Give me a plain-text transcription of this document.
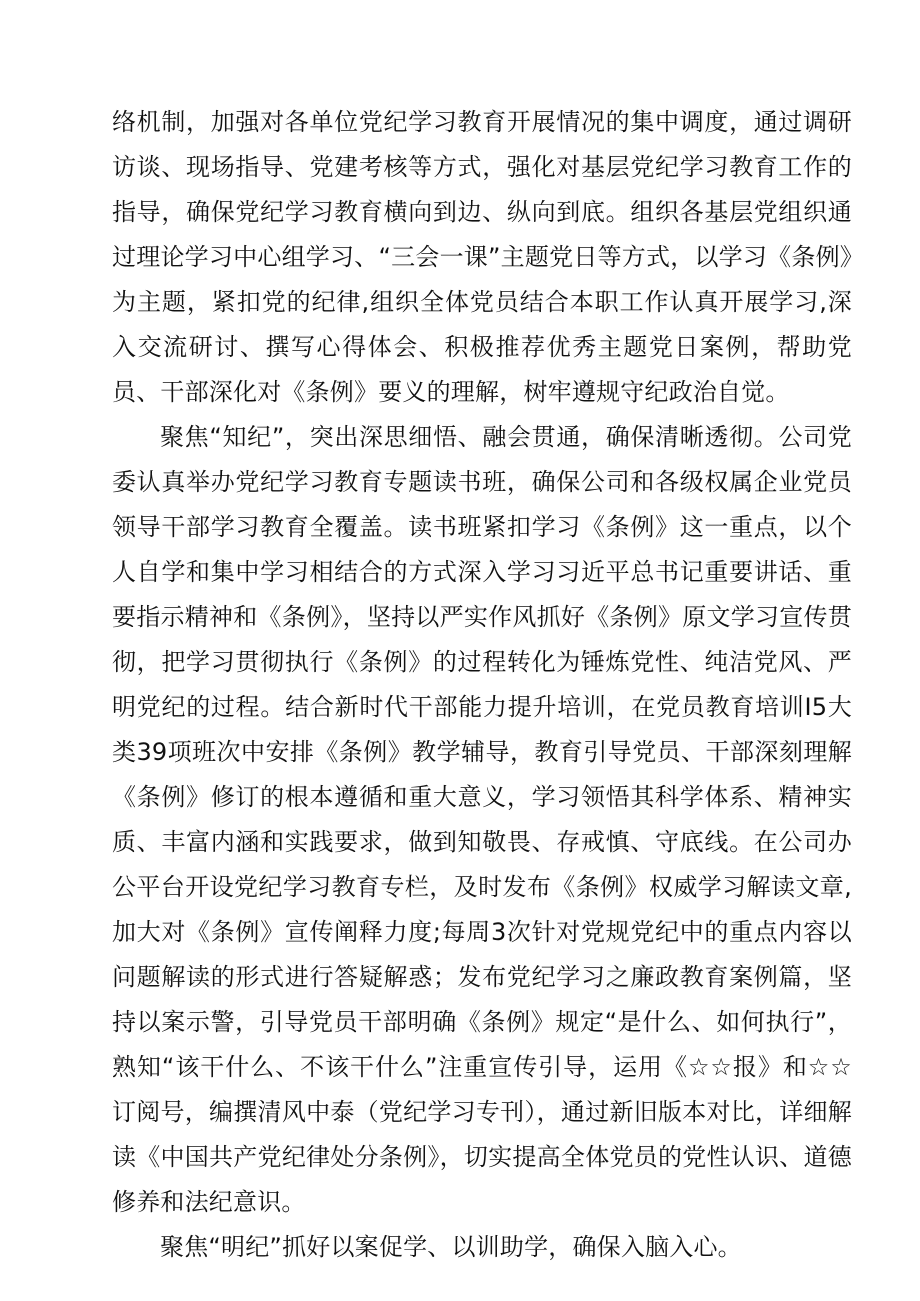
络机制，加强对各单位党纪学习教育开展情况的集中调度，通过调研访谈、现场指导、党建考核等方式，强化对基层党纪学习教育工作的指导，确保党纪学习教育横向到边、纵向到底。组织各基层党组织通过理论学习中心组学习、“三会一课”主题党日等方式，以学习《条例》为主题，紧扣党的纪律,组织全体党员结合本职工作认真开展学习,深入交流研讨、撰写心得体会、积极推荐优秀主题党日案例，帮助党员、干部深化对《条例》要义的理解，树牢遵规守纪政治自觉。

聚焦“知纪”，突出深思细悟、融会贯通，确保清晰透彻。公司党委认真举办党纪学习教育专题读书班，确保公司和各级权属企业党员领导干部学习教育全覆盖。读书班紧扣学习《条例》这一重点，以个人自学和集中学习相结合的方式深入学习习近平总书记重要讲话、重要指示精神和《条例》，坚持以严实作风抓好《条例》原文学习宣传贯彻，把学习贯彻执行《条例》的过程转化为锤炼党性、纯洁党风、严明党纪的过程。结合新时代干部能力提升培训，在党员教育培训I5大类39项班次中安排《条例》教学辅导，教育引导党员、干部深刻理解《条例》修订的根本遵循和重大意义，学习领悟其科学体系、精神实质、丰富内涵和实践要求，做到知敬畏、存戒慎、守底线。在公司办公平台开设党纪学习教育专栏，及时发布《条例》权威学习解读文章,加大对《条例》宣传阐释力度;每周3次针对党规党纪中的重点内容以问题解读的形式进行答疑解惑；发布党纪学习之廉政教育案例篇，坚持以案示警，引导党员干部明确《条例》规定“是什么、如何执行”，熟知“该干什么、不该干什么”注重宣传引导，运用《☆☆报》和☆☆订阅号，编撰清风中泰（党纪学习专刊），通过新旧版本对比，详细解读《中国共产党纪律处分条例》，切实提高全体党员的党性认识、道德修养和法纪意识。

聚焦“明纪”抓好以案促学、以训助学，确保入脑入心。
